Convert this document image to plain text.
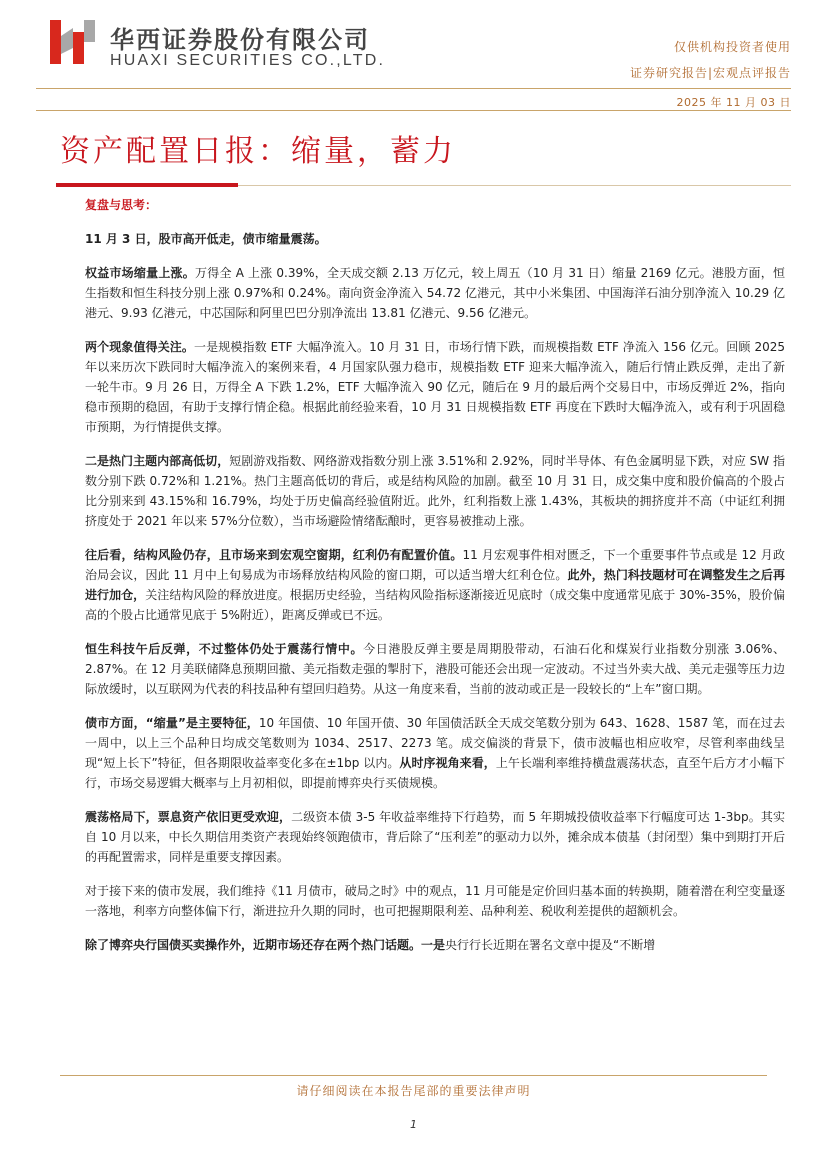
华西证券股份有限公司
HUAXI SECURITIES CO.,LTD.
仅供机构投资者使用
证券研究报告|宏观点评报告
2025 年 11 月 03 日
资产配置日报：缩量，蓄力

复盘与思考：

11 月 3 日，股市高开低走，债市缩量震荡。

权益市场缩量上涨。万得全 A 上涨 0.39%，全天成交额 2.13 万亿元，较上周五（10 月 31 日）缩量 2169 亿元。港股方面，恒生指数和恒生科技分别上涨 0.97%和 0.24%。南向资金净流入 54.72 亿港元，其中小米集团、中国海洋石油分别净流入 10.29 亿港元、9.93 亿港元，中芯国际和阿里巴巴分别净流出 13.81 亿港元、9.56 亿港元。

两个现象值得关注。一是规模指数 ETF 大幅净流入。10 月 31 日，市场行情下跌，而规模指数 ETF 净流入 156 亿元。回顾 2025 年以来历次下跌同时大幅净流入的案例来看，4 月国家队强力稳市，规模指数 ETF 迎来大幅净流入，随后行情止跌反弹，走出了新一轮牛市。9 月 26 日，万得全 A 下跌 1.2%，ETF 大幅净流入 90 亿元，随后在 9 月的最后两个交易日中，市场反弹近 2%，指向稳市预期的稳固，有助于支撑行情企稳。根据此前经验来看，10 月 31 日规模指数 ETF 再度在下跌时大幅净流入，或有利于巩固稳市预期，为行情提供支撑。

二是热门主题内部高低切，短剧游戏指数、网络游戏指数分别上涨 3.51%和 2.92%，同时半导体、有色金属明显下跌，对应 SW 指数分别下跌 0.72%和 1.21%。热门主题高低切的背后，或是结构风险的加剧。截至 10 月 31 日，成交集中度和股价偏高的个股占比分别来到 43.15%和 16.79%，均处于历史偏高经验值附近。此外，红利指数上涨 1.43%，其板块的拥挤度并不高（中证红利拥挤度处于 2021 年以来 57%分位数），当市场避险情绪酝酿时，更容易被推动上涨。

往后看，结构风险仍存，且市场来到宏观空窗期，红利仍有配置价值。11 月宏观事件相对匮乏，下一个重要事件节点或是 12 月政治局会议，因此 11 月中上旬易成为市场释放结构风险的窗口期，可以适当增大红利仓位。此外，热门科技题材可在调整发生之后再进行加仓，关注结构风险的释放进度。根据历史经验，当结构风险指标逐渐接近见底时（成交集中度通常见底于 30%-35%，股价偏高的个股占比通常见底于 5%附近），距离反弹或已不远。

恒生科技午后反弹，不过整体仍处于震荡行情中。今日港股反弹主要是周期股带动，石油石化和煤炭行业指数分别涨 3.06%、2.87%。在 12 月美联储降息预期回撤、美元指数走强的掣肘下，港股可能还会出现一定波动。不过当外卖大战、美元走强等压力边际放缓时，以互联网为代表的科技品种有望回归趋势。从这一角度来看，当前的波动或正是一段较长的“上车”窗口期。

债市方面，“缩量”是主要特征，10 年国债、10 年国开债、30 年国债活跃全天成交笔数分别为 643、1628、1587 笔，而在过去一周中，以上三个品种日均成交笔数则为 1034、2517、2273 笔。成交偏淡的背景下，债市波幅也相应收窄，尽管利率曲线呈现“短上长下”特征，但各期限收益率变化多在±1bp 以内。从时序视角来看，上午长端利率维持横盘震荡状态，直至午后方才小幅下行，市场交易逻辑大概率与上月初相似，即提前博弈央行买债规模。

震荡格局下，票息资产依旧更受欢迎，二级资本债 3-5 年收益率维持下行趋势，而 5 年期城投债收益率下行幅度可达 1-3bp。其实自 10 月以来，中长久期信用类资产表现始终领跑债市，背后除了“压利差”的驱动力以外，摊余成本债基（封闭型）集中到期打开后的再配置需求，同样是重要支撑因素。

对于接下来的债市发展，我们维持《11 月债市，破局之时》中的观点，11 月可能是定价回归基本面的转换期，随着潜在利空变量逐一落地，利率方向整体偏下行，渐进拉升久期的同时，也可把握期限利差、品种利差、税收利差提供的超额机会。

除了博弈央行国债买卖操作外，近期市场还存在两个热门话题。一是央行行长近期在署名文章中提及“不断增

请仔细阅读在本报告尾部的重要法律声明
1
